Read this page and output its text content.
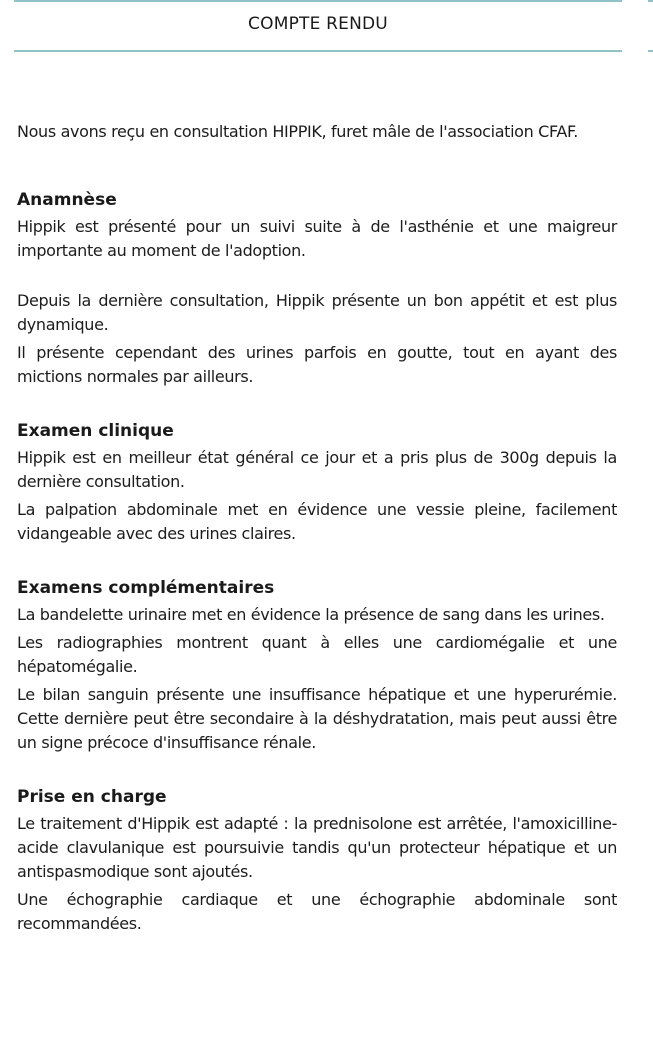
COMPTE RENDU

Nous avons reçu en consultation HIPPIK, furet mâle de l'association CFAF.

Anamnèse

Hippik est présenté pour un suivi suite à de l'asthénie et une maigreur importante au moment de l'adoption.

Depuis la dernière consultation, Hippik présente un bon appétit et est plus dynamique.

Il présente cependant des urines parfois en goutte, tout en ayant des mictions normales par ailleurs.

Examen clinique

Hippik est en meilleur état général ce jour et a pris plus de 300g depuis la dernière consultation.

La palpation abdominale met en évidence une vessie pleine, facilement vidangeable avec des urines claires.

Examens complémentaires

La bandelette urinaire met en évidence la présence de sang dans les urines.

Les radiographies montrent quant à elles une cardiomégalie et une hépatomégalie.

Le bilan sanguin présente une insuffisance hépatique et une hyperurémie. Cette dernière peut être secondaire à la déshydratation, mais peut aussi être un signe précoce d'insuffisance rénale.

Prise en charge

Le traitement d'Hippik est adapté : la prednisolone est arrêtée, l'amoxicilline-acide clavulanique est poursuivie tandis qu'un protecteur hépatique et un antispasmodique sont ajoutés.

Une échographie cardiaque et une échographie abdominale sont recommandées.
